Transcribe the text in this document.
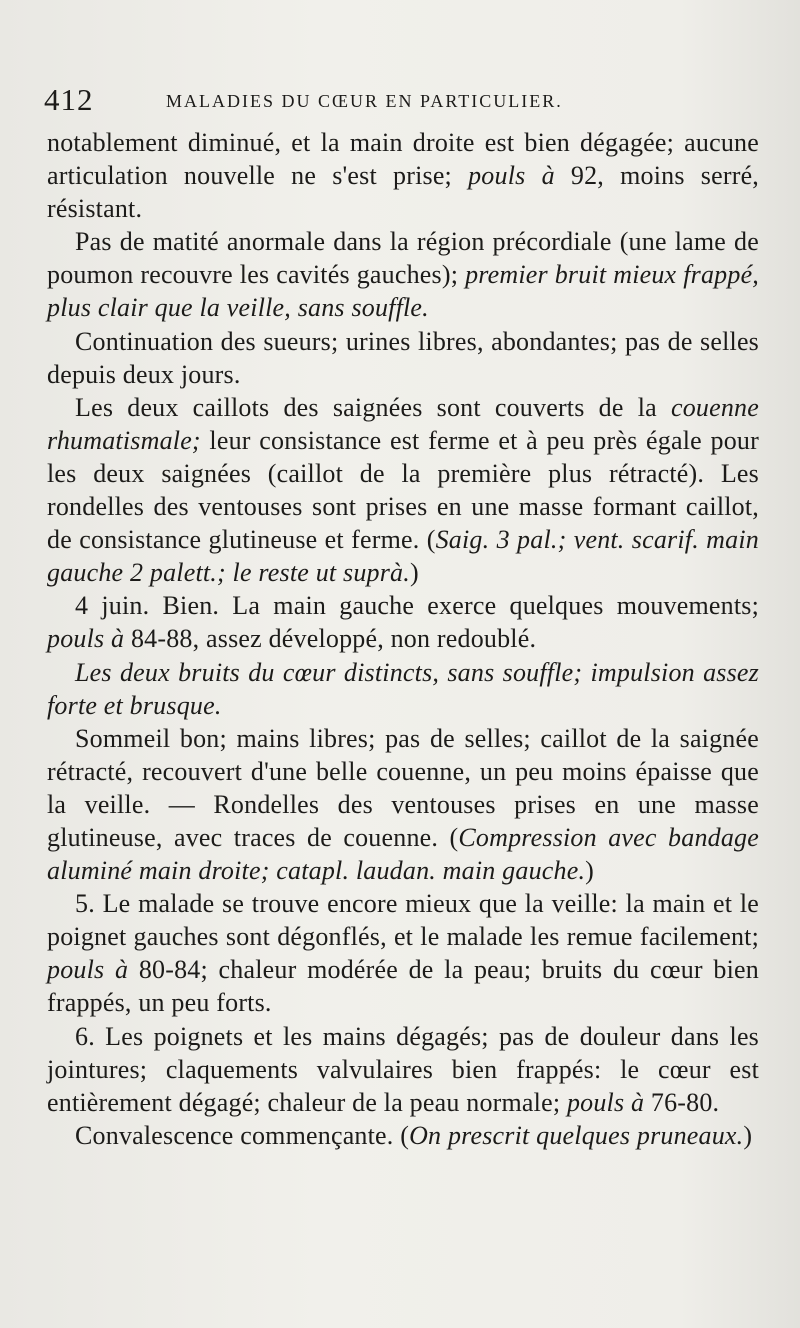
412	MALADIES DU CŒUR EN PARTICULIER.

notablement diminué, et la main droite est bien dégagée; aucune articulation nouvelle ne s'est prise; pouls à 92, moins serré, résistant.

Pas de matité anormale dans la région précordiale (une lame de poumon recouvre les cavités gauches); premier bruit mieux frappé, plus clair que la veille, sans souffle.

Continuation des sueurs; urines libres, abondantes; pas de selles depuis deux jours.

Les deux caillots des saignées sont couverts de la couenne rhumatismale; leur consistance est ferme et à peu près égale pour les deux saignées (caillot de la première plus rétracté). Les rondelles des ventouses sont prises en une masse formant caillot, de consistance glutineuse et ferme. (Saig. 3 pal.; vent. scarif. main gauche 2 palett.; le reste ut suprà.)

4 juin. Bien. La main gauche exerce quelques mouvements; pouls à 84-88, assez développé, non redoublé.

Les deux bruits du cœur distincts, sans souffle; impulsion assez forte et brusque.

Sommeil bon; mains libres; pas de selles; caillot de la saignée rétracté, recouvert d'une belle couenne, un peu moins épaisse que la veille. — Rondelles des ventouses prises en une masse glutineuse, avec traces de couenne. (Compression avec bandage aluminé main droite; catapl. laudan. main gauche.)

5. Le malade se trouve encore mieux que la veille: la main et le poignet gauches sont dégonflés, et le malade les remue facilement; pouls à 80-84; chaleur modérée de la peau; bruits du cœur bien frappés, un peu forts.

6. Les poignets et les mains dégagés; pas de douleur dans les jointures; claquements valvulaires bien frappés: le cœur est entièrement dégagé; chaleur de la peau normale; pouls à 76-80.

Convalescence commençante. (On prescrit quelques pruneaux.)
